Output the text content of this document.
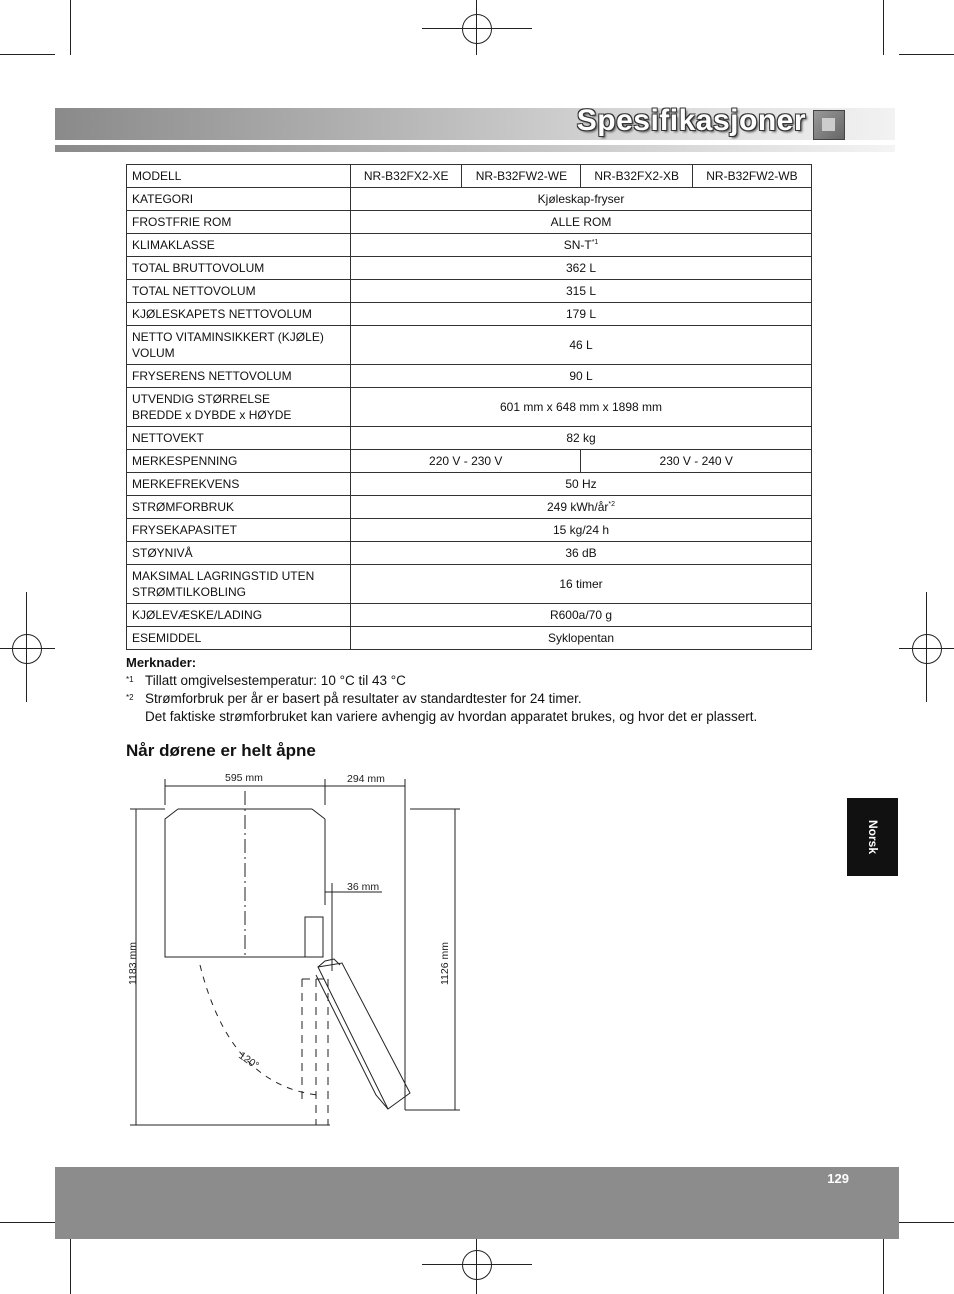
Spesifikasjoner
MODELL	NR-B32FX2-XE	NR-B32FW2-WE	NR-B32FX2-XB	NR-B32FW2-WB
KATEGORI	Kjøleskap-fryser			
FROSTFRIE ROM	ALLE ROM			
KLIMAKLASSE	$SN-T^{*1}$
TOTAL BRUTTOVOLUM	362 L			
TOTAL NETTOVOLUM	315 L			
KJØLESKAPETS NETTOVOLUM	179 L			
NETTO VITAMINSIKKERT (KJØLE) VOLUM	46 L			
FRYSERENS NETTOVOLUM	90 L			

UTVENDIG STØRRELSE
BREDDE x DYBDE x HØYDE	601 mm x 648 mm x 1898 mm			
NETTOVEKT	82 kg			
MERKESPENNING	220 V - 230 V		230 V - 240 V	
MERKEFREKVENS	50 Hz			
STRØMFORBRUK	249 kWh/$år^{*2}$
FRYSEKAPASITET	15 kg/24 h			
STØYNIVÅ	36 dB			
MAKSIMAL LAGRINGSTID UTEN STRØMTILKOBLING	16 timer			
KJØLEVÆSKE/LADING	R600a/70 g			
ESEMIDDEL	Syklopentan			
Merknader:
*1 Tillatt omgivelsestemperatur: 10 °C til 43 °C
*2 Strømforbruk per år er basert på resultater av standardtester for 24 timer.
Det faktiske strømforbruket kan variere avhengig av hvordan apparatet brukes, og hvor det er plassert.
Når dørene er helt åpne
595 mm	294 mm
36 mm
1183 mm	1126 mm
120°
Norsk
129
